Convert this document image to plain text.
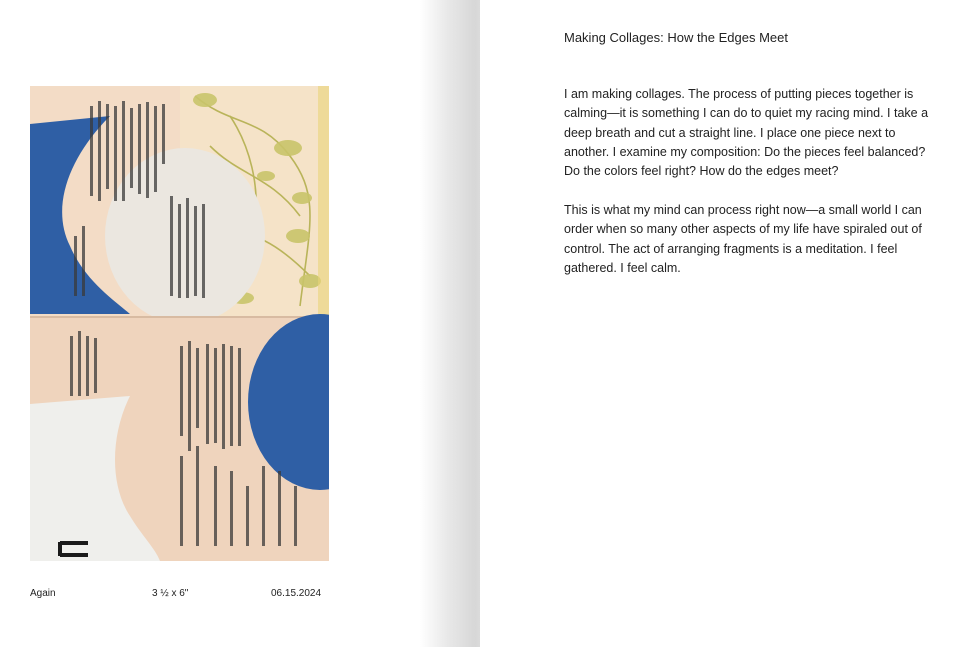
Again	3 ½ x 6"	06.15.2024
Making Collages: How the Edges Meet

I am making collages. The process of putting pieces together is calming—it is something I can do to quiet my racing mind. I take a deep breath and cut a straight line. I place one piece next to another. I examine my composition: Do the pieces feel balanced? Do the colors feel right? How do the edges meet?

This is what my mind can process right now—a small world I can order when so many other aspects of my life have spiraled out of control. The act of arranging fragments is a meditation. I feel gathered. I feel calm.
